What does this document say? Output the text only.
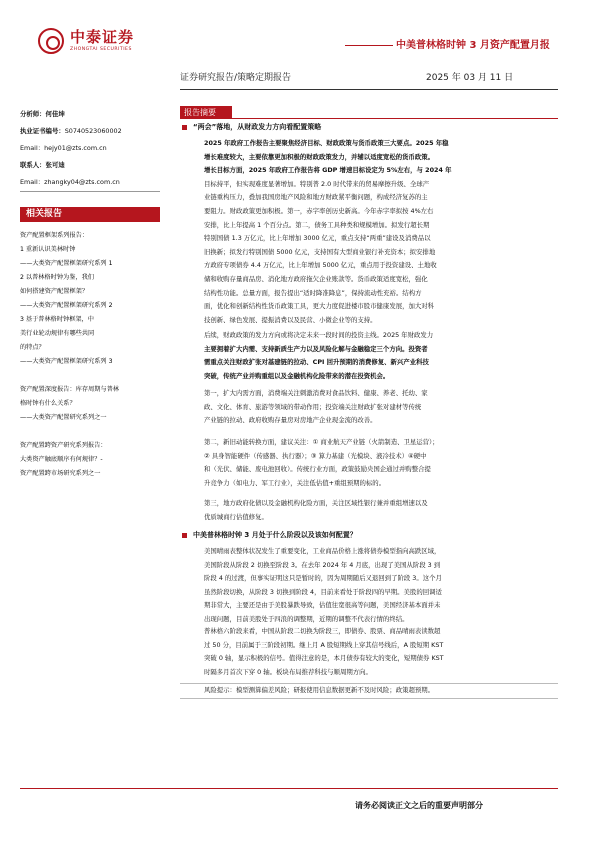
中泰证券
ZHONGTAI SECURITIES	中美普林格时钟 3 月资产配置月报
证券研究报告/策略定期报告	2025 年 03 月 11 日
分析师：何佳坤
执业证书编号：S0740523060002
Email：hejy01@zts.com.cn
联系人：张可迪
Email：zhangky04@zts.com.cn
相关报告
资产配置框架系列报告：
1 重新认识美林时钟
——大类资产配置框架研究系列 1
2 以普林格时钟为鉴，我们
如何搭建资产配置框架？
——大类资产配置框架研究系列 2
3 基于普林格时钟框架，中
美行业轮动规律有哪些共同
的特点？
——大类资产配置框架研究系列 3
资产配置深度报告：库存周期与普林
格时钟有什么关系？
——大类资产配置研究系列之一
资产配置跨资产研究系列报告：
大类资产触底顺序有何规律？-
资产配置跨市场研究系列之一
报告摘要
“两会”落地，从财政发力方向看配置策略
2025 年政府工作报告主要聚焦经济目标、财政政策与货币政策三大要点。2025 年稳
增长难度较大，主要依靠更加积极的财政政策发力，并辅以适度宽松的货币政策。
增长目标方面，2025 年政府工作报告将 GDP 增速目标设定为 5%左右，与 2024 年
目标持平，但实现难度显著增加。特别普 2.0 时代带来的贸易摩擦升级、全球产
业链重构压力，叠加我国房地产风险和地方财政紧平衡问题，构成经济复苏的主
要阻力。财政政策更加积极。第一，赤字率创历史新高。今年赤字率拟按 4%左右
安排，比上年提高 1 个百分点。第二，债务工具种类和规模增加。拟发行超长期
特别国债 1.3 万亿元，比上年增加 3000 亿元，重点支持“两重”建设及消费品以
旧换新；拟发行特别国债 5000 亿元，支持国有大型商业银行补充资本；拟安排地
方政府专项债券 4.4 万亿元，比上年增加 5000 亿元，重点用于投资建设、土地收
储和收购存量商品房、消化地方政府拖欠企业账款等。货币政策适度宽松，强化
结构性功能。总量方面，报告提出“适时降准降息”，保持流动性充裕。结构方
面，优化和创新结构性货币政策工具，更大力度促进楼市股市健康发展，加大对科
技创新、绿色发展、提振消费以及民营、小微企业等的支持。
后续，财政政策的发力方向或将决定未来一段时间的投资主线。2025 年财政发力
主要拥着扩大内需、支持新质生产力以及风险化解与金融稳定三个方向。投资者
需重点关注财政扩张对基建链的拉动、CPI 回升预期的消费修复、新兴产业科技
突破，传统产业并购重组以及金融机构化险带来的潜在投资机会。
第一，扩大内需方面，消费端关注刺激消费对食品饮料、健康、养老、托幼、家
政、文化、体育、旅游等领域的带动作用；投资端关注财政扩张对建材等传统
产业链的拉动、政府收购存量房对房地产企业现金流的改善。
第二，新旧动能转换方面，建议关注：① 商业航天产业链（火箭制造、卫星运营）；
② 具身智能硬件（传感器、执行器）；③ 算力基建（光模块、液冷技术）④硬中
和（光伏、储能、废电池回收）。传统行业方面，政策鼓励央国企通过并购整合提
升竞争力（如电力、军工行业），关注低估值+重组预期的标的。
第三，地方政府化债以及金融机构化险方面，关注区域性银行兼并重组增速以及
优质城商行估值修复。
中美普林格时钟 3 月处于什么阶段以及该如何配置？
美国晴雨表整体状况发生了重要变化，工业商品价格上涨将债券模型指向高跌区域，
美国阶段从阶段 2 切换至阶段 3。在去年 2024 年 4 月底，出现了美国从阶段 3 到
阶段 4 的过渡，但事实证明这只是暂时的，因为周期随后又退回到了阶段 3。这个月
虽然阶段切换，从阶段 3 切换到阶段 4，目前来看处于阶段四的早期。美股的回调适
期非常大，主要还是由于美股暴跌导致，估值往宽很高等问题，美国经济基本面并未
出现问题，目前美股处于四浪的调整期，近期的调整不代表行情的终结。
普林格六阶段来看，中国从阶段二切换为阶段三，即债券、股票、商品晴雨表读数超
过 50 分，目前属于三阶段初期。继上月 A 股短期线上穿其信号线后，A 股短期 KST
突破 0 轴，显示积极的信号。值得注意的是，本月债券有较大的变化，短期债券 KST
时隔多月首次下穿 0 轴。板块布局推荐科技与顺周期方向。
风险提示：模型测算偏差风险；研报使用信息数据更新不及时风险；政策超预期。
请务必阅读正文之后的重要声明部分
